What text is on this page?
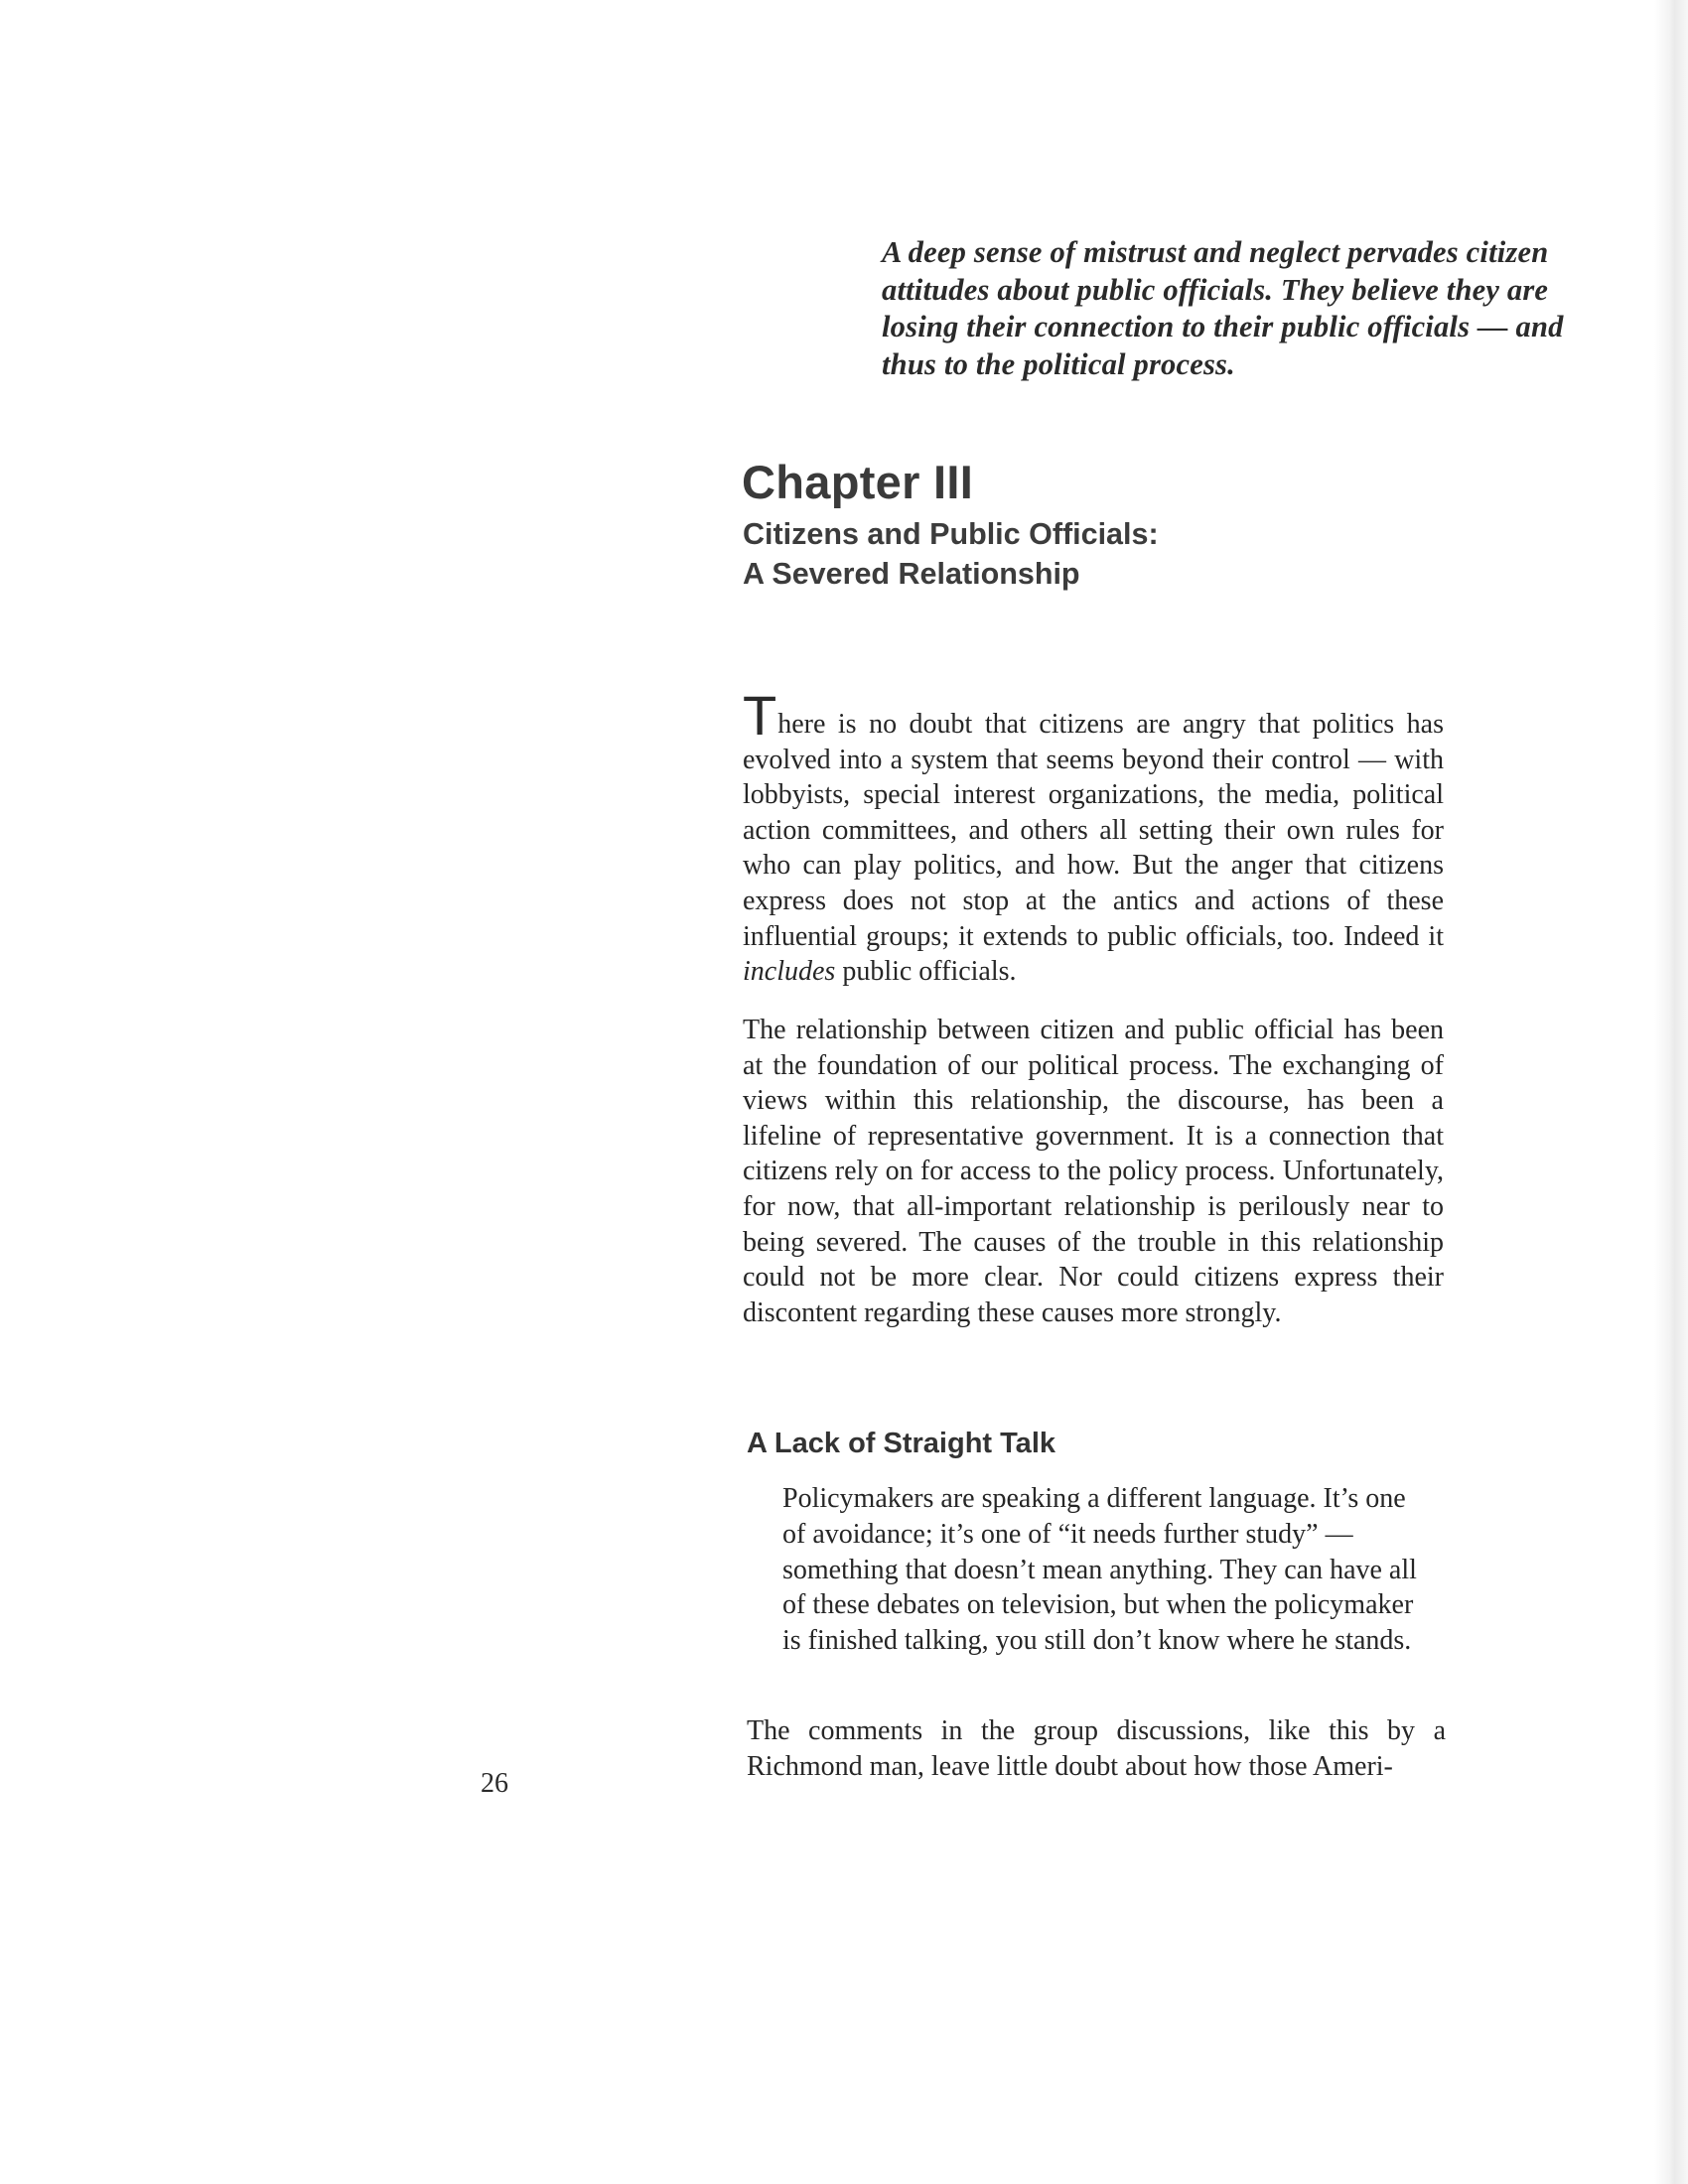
A deep sense of mistrust and neglect pervades citizen
attitudes about public officials. They believe they are
losing their connection to their public officials — and
thus to the political process.
Chapter III
Citizens and Public Officials:
A Severed Relationship

There is no doubt that citizens are angry that politics has evolved into a system that seems beyond their control — with lobbyists, special interest organizations, the media, political action committees, and others all setting their own rules for who can play politics, and how. But the anger that citizens express does not stop at the antics and actions of these influential groups; it extends to public officials, too. Indeed it includes public officials.

The relationship between citizen and public official has been at the foundation of our political process. The exchanging of views within this relationship, the discourse, has been a lifeline of representative government. It is a connection that citizens rely on for access to the policy process. Unfortunately, for now, that all-important relationship is perilously near to being severed. The causes of the trouble in this relationship could not be more clear. Nor could citizens express their discontent regarding these causes more strongly.

A Lack of Straight Talk

Policymakers are speaking a different language. It’s one of avoidance; it’s one of “it needs further study” — something that doesn’t mean anything. They can have all of these debates on television, but when the policymaker is finished talking, you still don’t know where he stands.

The comments in the group discussions, like this by a Richmond man, leave little doubt about how those Ameri-

26
